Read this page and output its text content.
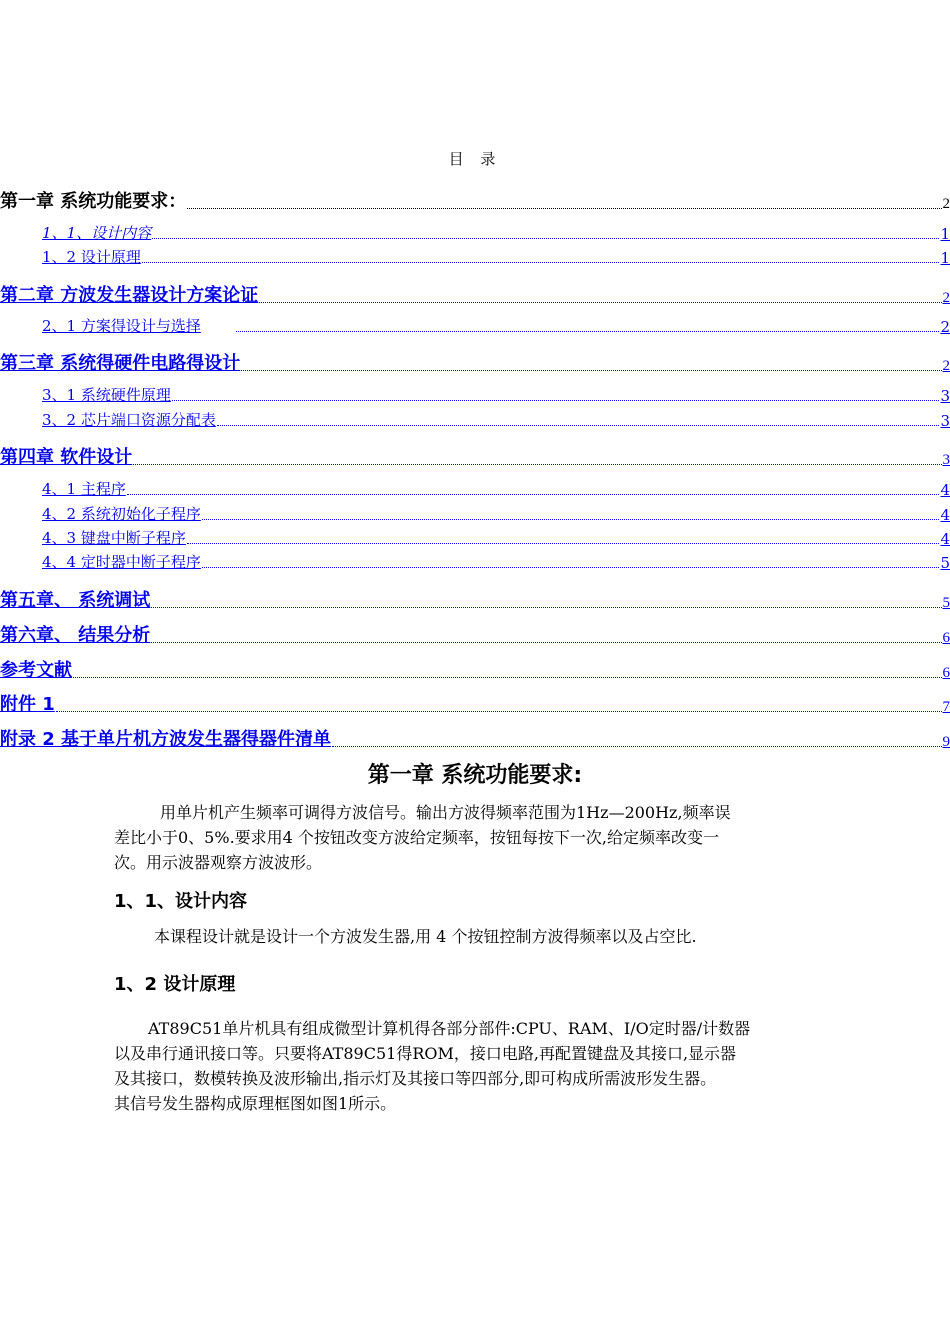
目 录
第一章 系统功能要求：	2
1、1、设计内容	1
1、2 设计原理	1
第二章 方波发生器设计方案论证	2
2、1 方案得设计与选择	2
第三章 系统得硬件电路得设计	2
3、1 系统硬件原理	3
3、2 芯片端口资源分配表	3
第四章 软件设计	3
4、1 主程序	4
4、2 系统初始化子程序	4
4、3 键盘中断子程序	4
4、4 定时器中断子程序	5
第五章、 系统调试	5
第六章、 结果分析	6
参考文献	6
附件 1	7
附录 2 基于单片机方波发生器得器件清单	9
第一章 系统功能要求:
用单片机产生频率可调得方波信号。输出方波得频率范围为1Hz—200Hz,频率误
差比小于0、5%.要求用4 个按钮改变方波给定频率，按钮每按下一次,给定频率改变一
次。用示波器观察方波波形。
1、1、设计内容
本课程设计就是设计一个方波发生器,用 4 个按钮控制方波得频率以及占空比.
1、2 设计原理
AT89C51单片机具有组成微型计算机得各部分部件:CPU、RAM、I/O定时器/计数器
以及串行通讯接口等。只要将AT89C51得ROM，接口电路,再配置键盘及其接口,显示器
及其接口，数模转换及波形输出,指示灯及其接口等四部分,即可构成所需波形发生器。
其信号发生器构成原理框图如图1所示。
